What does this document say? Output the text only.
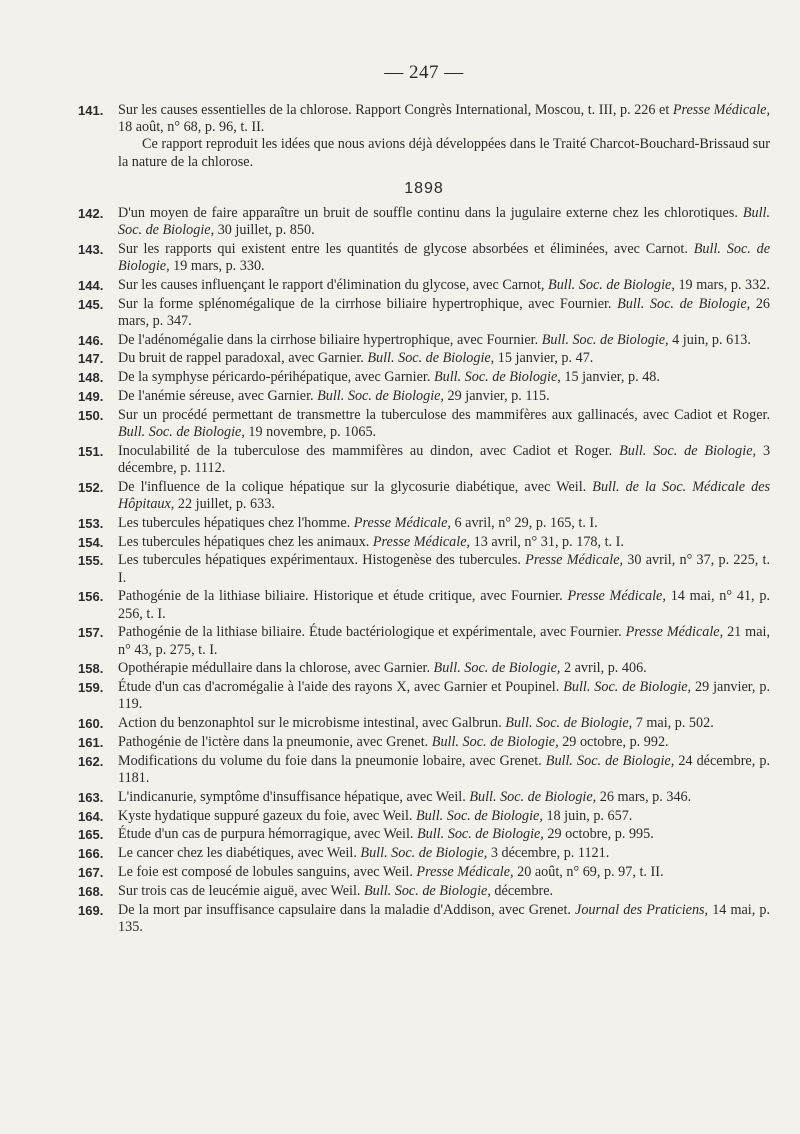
— 247 —
141.	Sur les causes essentielles de la chlorose. Rapport Congrès International, Moscou, t. III, p. 226 et Presse Médicale, 18 août, n° 68, p. 96, t. II.
Ce rapport reproduit les idées que nous avions déjà développées dans le Traité Charcot-Bouchard-Brissaud sur la nature de la chlorose.
1898
142.	D'un moyen de faire apparaître un bruit de souffle continu dans la jugulaire externe chez les chlorotiques. Bull. Soc. de Biologie, 30 juillet, p. 850.
143.	Sur les rapports qui existent entre les quantités de glycose absorbées et éliminées, avec Carnot. Bull. Soc. de Biologie, 19 mars, p. 330.
144.	Sur les causes influençant le rapport d'élimination du glycose, avec Carnot, Bull. Soc. de Biologie, 19 mars, p. 332.
145.	Sur la forme splénomégalique de la cirrhose biliaire hypertrophique, avec Fournier. Bull. Soc. de Biologie, 26 mars, p. 347.
146.	De l'adénomégalie dans la cirrhose biliaire hypertrophique, avec Fournier. Bull. Soc. de Biologie, 4 juin, p. 613.
147.	Du bruit de rappel paradoxal, avec Garnier. Bull. Soc. de Biologie, 15 janvier, p. 47.
148.	De la symphyse péricardo-périhépatique, avec Garnier. Bull. Soc. de Biologie, 15 janvier, p. 48.
149.	De l'anémie séreuse, avec Garnier. Bull. Soc. de Biologie, 29 janvier, p. 115.
150.	Sur un procédé permettant de transmettre la tuberculose des mammifères aux gallinacés, avec Cadiot et Roger. Bull. Soc. de Biologie, 19 novembre, p. 1065.
151.	Inoculabilité de la tuberculose des mammifères au dindon, avec Cadiot et Roger. Bull. Soc. de Biologie, 3 décembre, p. 1112.
152.	De l'influence de la colique hépatique sur la glycosurie diabétique, avec Weil. Bull. de la Soc. Médicale des Hôpitaux, 22 juillet, p. 633.
153.	Les tubercules hépatiques chez l'homme. Presse Médicale, 6 avril, n° 29, p. 165, t. I.
154.	Les tubercules hépatiques chez les animaux. Presse Médicale, 13 avril, n° 31, p. 178, t. I.
155.	Les tubercules hépatiques expérimentaux. Histogenèse des tubercules. Presse Médicale, 30 avril, n° 37, p. 225, t. I.
156.	Pathogénie de la lithiase biliaire. Historique et étude critique, avec Fournier. Presse Médicale, 14 mai, n° 41, p. 256, t. I.
157.	Pathogénie de la lithiase biliaire. Étude bactériologique et expérimentale, avec Fournier. Presse Médicale, 21 mai, n° 43, p. 275, t. I.
158.	Opothérapie médullaire dans la chlorose, avec Garnier. Bull. Soc. de Biologie, 2 avril, p. 406.
159.	Étude d'un cas d'acromégalie à l'aide des rayons X, avec Garnier et Poupinel. Bull. Soc. de Biologie, 29 janvier, p. 119.
160.	Action du benzonaphtol sur le microbisme intestinal, avec Galbrun. Bull. Soc. de Biologie, 7 mai, p. 502.
161.	Pathogénie de l'ictère dans la pneumonie, avec Grenet. Bull. Soc. de Biologie, 29 octobre, p. 992.
162.	Modifications du volume du foie dans la pneumonie lobaire, avec Grenet. Bull. Soc. de Biologie, 24 décembre, p. 1181.
163.	L'indicanurie, symptôme d'insuffisance hépatique, avec Weil. Bull. Soc. de Biologie, 26 mars, p. 346.
164.	Kyste hydatique suppuré gazeux du foie, avec Weil. Bull. Soc. de Biologie, 18 juin, p. 657.
165.	Étude d'un cas de purpura hémorragique, avec Weil. Bull. Soc. de Biologie, 29 octobre, p. 995.
166.	Le cancer chez les diabétiques, avec Weil. Bull. Soc. de Biologie, 3 décembre, p. 1121.
167.	Le foie est composé de lobules sanguins, avec Weil. Presse Médicale, 20 août, n° 69, p. 97, t. II.
168.	Sur trois cas de leucémie aiguë, avec Weil. Bull. Soc. de Biologie, décembre.
169.	De la mort par insuffisance capsulaire dans la maladie d'Addison, avec Grenet. Journal des Praticiens, 14 mai, p. 135.
